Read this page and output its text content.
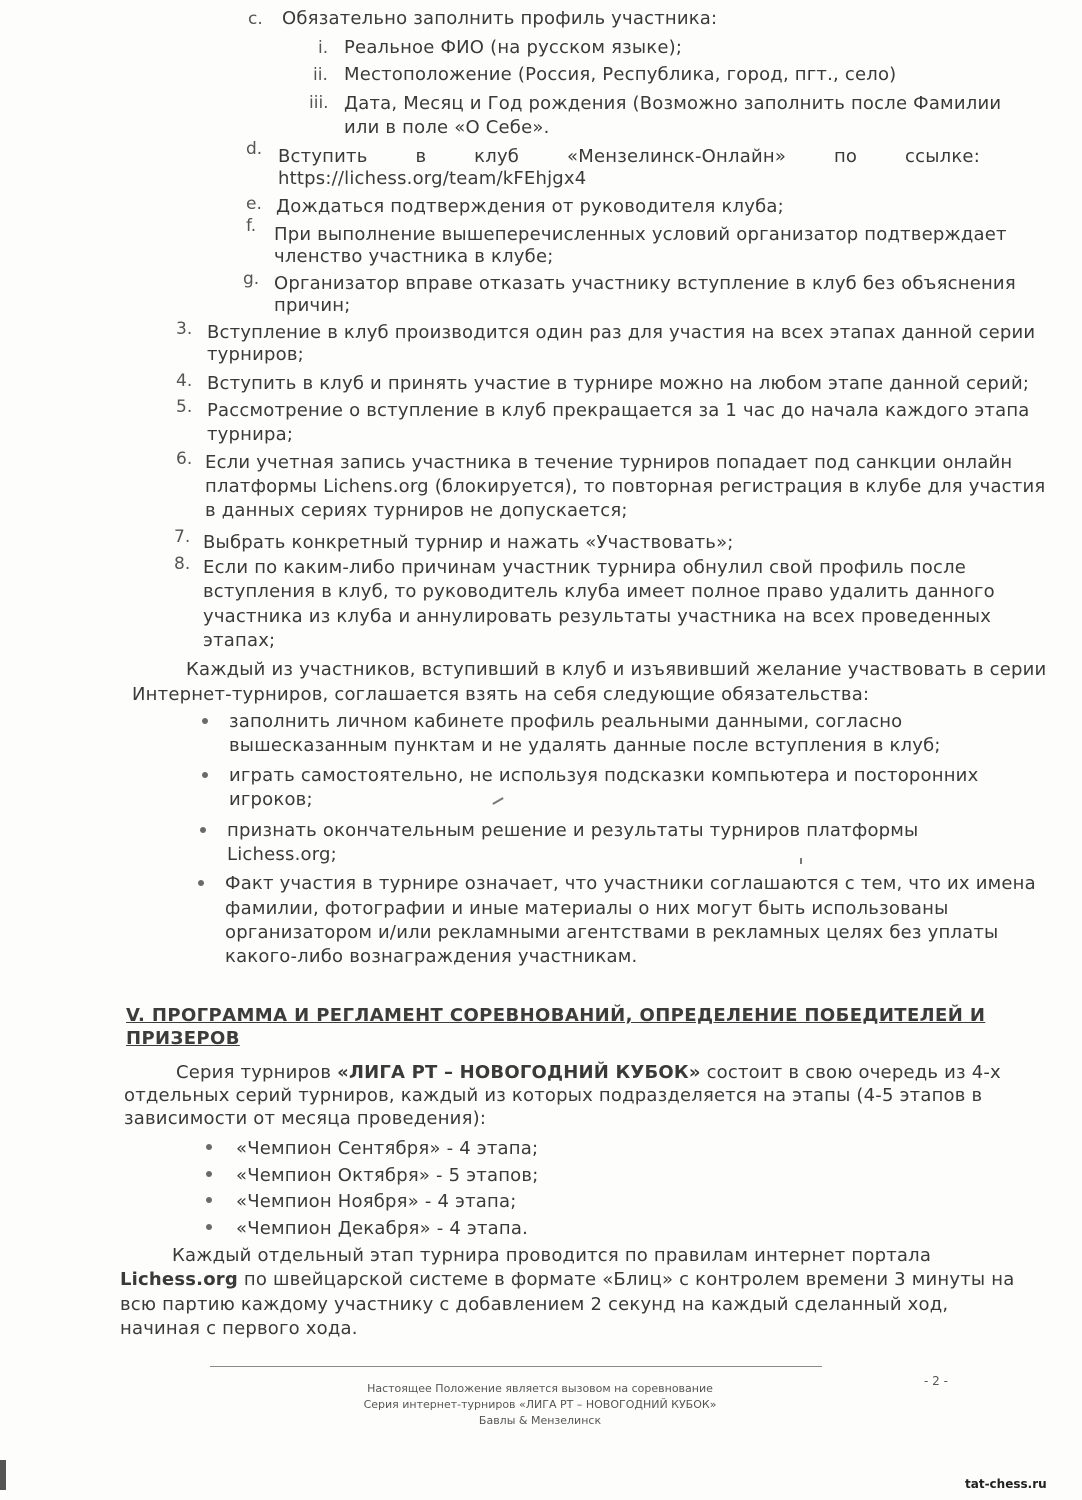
c. Обязательно заполнить профиль участника:

i. Реальное ФИО (на русском языке);

ii. Местоположение (Россия, Республика, город, пгт., село)

iii. Дата, Месяц и Год рождения (Возможно заполнить после Фамилии

или в поле «О Себе».

d. Вступить	в	клуб	«Мензелинск-Онлайн»	по	ссылке:

https://lichess.org/team/kFEhjgx4

e. Дождаться подтверждения от руководителя клуба;

f. При выполнение вышеперечисленных условий организатор подтверждает

членство участника в клубе;

g. Организатор вправе отказать участнику вступление в клуб без объяснения

причин;

3. Вступление в клуб производится один раз для участия на всех этапах данной серии

турниров;

4. Вступить в клуб и принять участие в турнире можно на любом этапе данной серий;

5. Рассмотрение о вступление в клуб прекращается за 1 час до начала каждого этапа

турнира;

6. Если учетная запись участника в течение турниров попадает под санкции онлайн

платформы Lichens.org (блокируется), то повторная регистрация в клубе для участия

в данных сериях турниров не допускается;

7. Выбрать конкретный турнир и нажать «Участвовать»;

8. Если по каким-либо причинам участник турнира обнулил свой профиль после

вступления в клуб, то руководитель клуба имеет полное право удалить данного

участника из клуба и аннулировать результаты участника на всех проведенных

этапах;

Каждый из участников, вступивший в клуб и изъявивший желание участвовать в серии

Интернет-турниров, соглашается взять на себя следующие обязательства:

заполнить личном кабинете профиль реальными данными, согласно

вышесказанным пунктам и не удалять данные после вступления в клуб;

играть самостоятельно, не используя подсказки компьютера и посторонних

игроков;

признать окончательным решение и результаты турниров платформы

Lichess.org;

Факт участия в турнире означает, что участники соглашаются с тем, что их имена

фамилии, фотографии и иные материалы о них могут быть использованы

организатором и/или рекламными агентствами в рекламных целях без уплаты

какого-либо вознаграждения участникам.

V. ПРОГРАММА И РЕГЛАМЕНТ СОРЕВНОВАНИЙ, ОПРЕДЕЛЕНИЕ ПОБЕДИТЕЛЕЙ И

ПРИЗЕРОВ

Серия турниров «ЛИГА РТ – НОВОГОДНИЙ КУБОК» состоит в свою очередь из 4-х

отдельных серий турниров, каждый из которых подразделяется на этапы (4-5 этапов в

зависимости от месяца проведения):

«Чемпион Сентября» - 4 этапа;

«Чемпион Октября» - 5 этапов;

«Чемпион Ноября» - 4 этапа;

«Чемпион Декабря» - 4 этапа.

Каждый отдельный этап турнира проводится по правилам интернет портала

Lichess.org по швейцарской системе в формате «Блиц» с контролем времени 3 минуты на

всю партию каждому участнику с добавлением 2 секунд на каждый сделанный ход,

начиная с первого хода.

Настоящее Положение является вызовом на соревнование
Серия интернет-турниров «ЛИГА РТ – НОВОГОДНИЙ КУБОК»
Бавлы & Мензелинск
- 2 -
tat-chess.ru
